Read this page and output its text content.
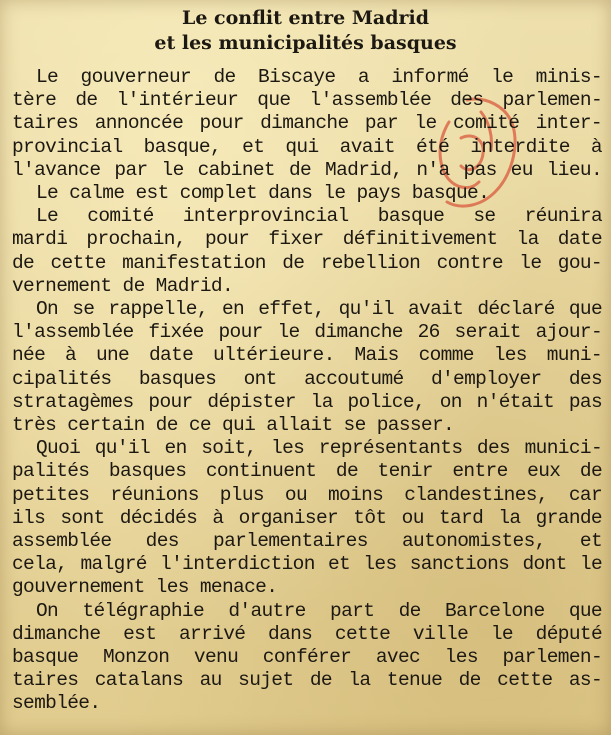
Le conflit entre Madrid
et les municipalités basques
Le gouverneur de Biscaye a informé le minis-
tère de l'intérieur que l'assemblée des parlemen-
taires annoncée pour dimanche par le comité inter-
provincial basque, et qui avait été interdite à
l'avance par le cabinet de Madrid, n'a pas eu lieu.
Le calme est complet dans le pays basque.
Le comité interprovincial basque se réunira
mardi prochain, pour fixer définitivement la date
de cette manifestation de rebellion contre le gou-
vernement de Madrid.
On se rappelle, en effet, qu'il avait déclaré que
l'assemblée fixée pour le dimanche 26 serait ajour-
née à une date ultérieure. Mais comme les muni-
cipalités basques ont accoutumé d'employer des
stratagèmes pour dépister la police, on n'était pas
très certain de ce qui allait se passer.
Quoi qu'il en soit, les représentants des munici-
palités basques continuent de tenir entre eux de
petites réunions plus ou moins clandestines, car
ils sont décidés à organiser tôt ou tard la grande
assemblée des parlementaires autonomistes, et
cela, malgré l'interdiction et les sanctions dont le
gouvernement les menace.
On télégraphie d'autre part de Barcelone que
dimanche est arrivé dans cette ville le député
basque Monzon venu conférer avec les parlemen-
taires catalans au sujet de la tenue de cette as-
semblée.
